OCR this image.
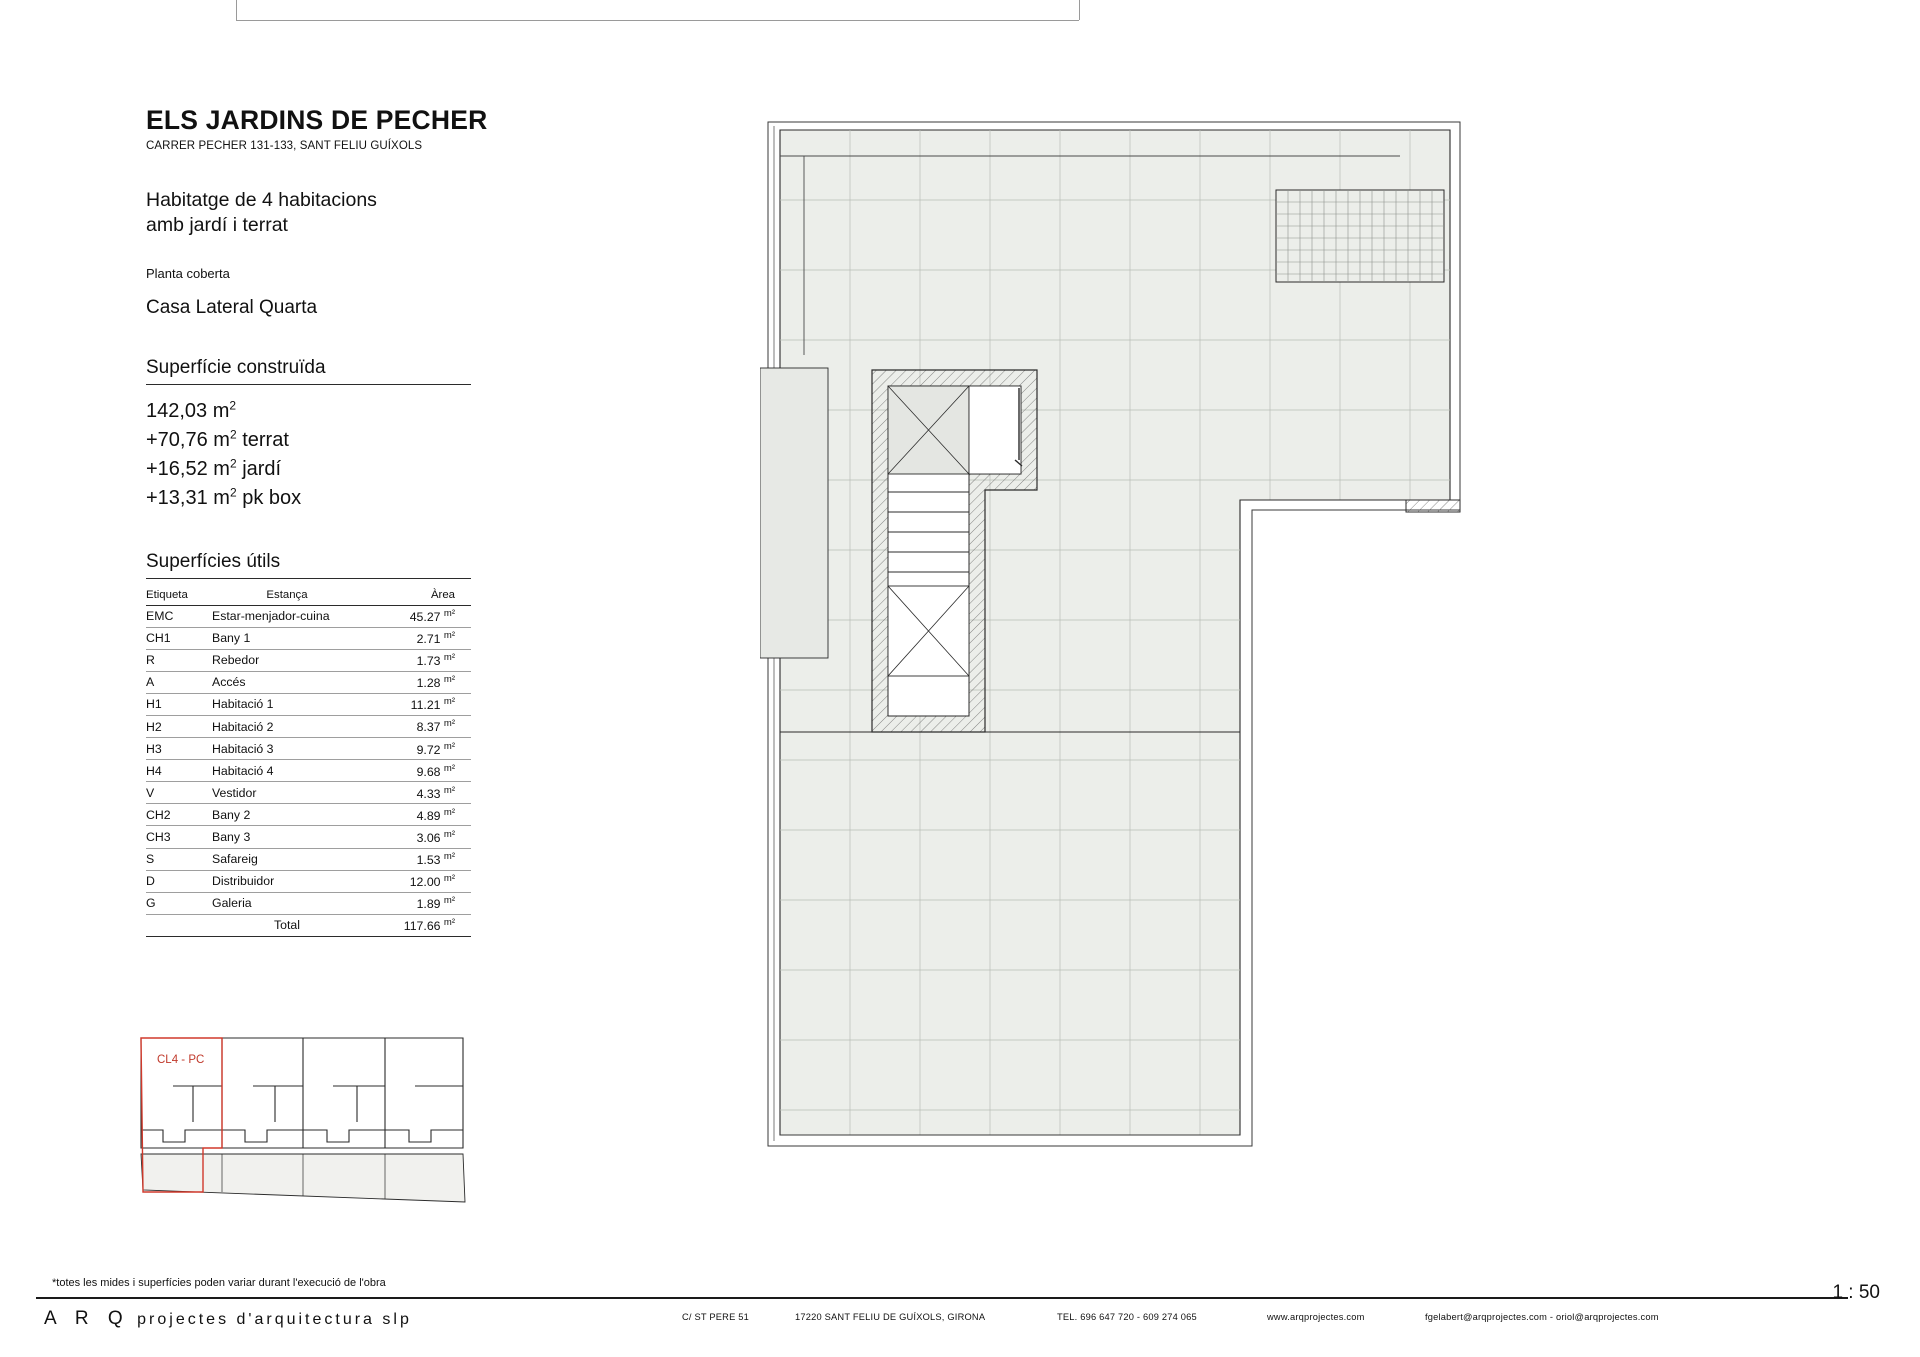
ELS JARDINS DE PECHER

CARRER PECHER 131-133, SANT FELIU GUÍXOLS

Habitatge de 4 habitacions
amb jardí i terrat
Planta coberta
Casa Lateral Quarta
Superfície construïda
142,03 $m^2$
+70,76 $m^2$ terrat
+16,52 $m^2$ jardí
+13,31 $m^2$ pk box
Superfícies útils
Etiqueta	Estança	Àrea
EMC	Estar-menjador-cuina	45.27 $^{m^2}$
CH1	Bany 1	2.71 $^{m^2}$
R	Rebedor	1.73 $^{m^2}$
A	Accés	1.28 $^{m^2}$
H1	Habitació 1	11.21 $^{m^2}$
H2	Habitació 2	8.37 $^{m^2}$
H3	Habitació 3	9.72 $^{m^2}$
H4	Habitació 4	9.68 $^{m^2}$
V	Vestidor	4.33 $^{m^2}$
CH2	Bany 2	4.89 $^{m^2}$
CH3	Bany 3	3.06 $^{m^2}$
S	Safareig	1.53 $^{m^2}$
D	Distribuidor	12.00 $^{m^2}$
G	Galeria	1.89 $^{m^2}$
	Total	117.66 $^{m^2}$
CL4 - PC
*totes les mides i superfícies poden variar durant l'execució de l'obra
A R Q projectes d'arquitectura slp	C/ ST PERE 51	17220 SANT FELIU DE GUÍXOLS, GIRONA	TEL. 696 647 720 - 609 274 065	www.arqprojectes.com	fgelabert@arqprojectes.com - oriol@arqprojectes.com
1 : 50
